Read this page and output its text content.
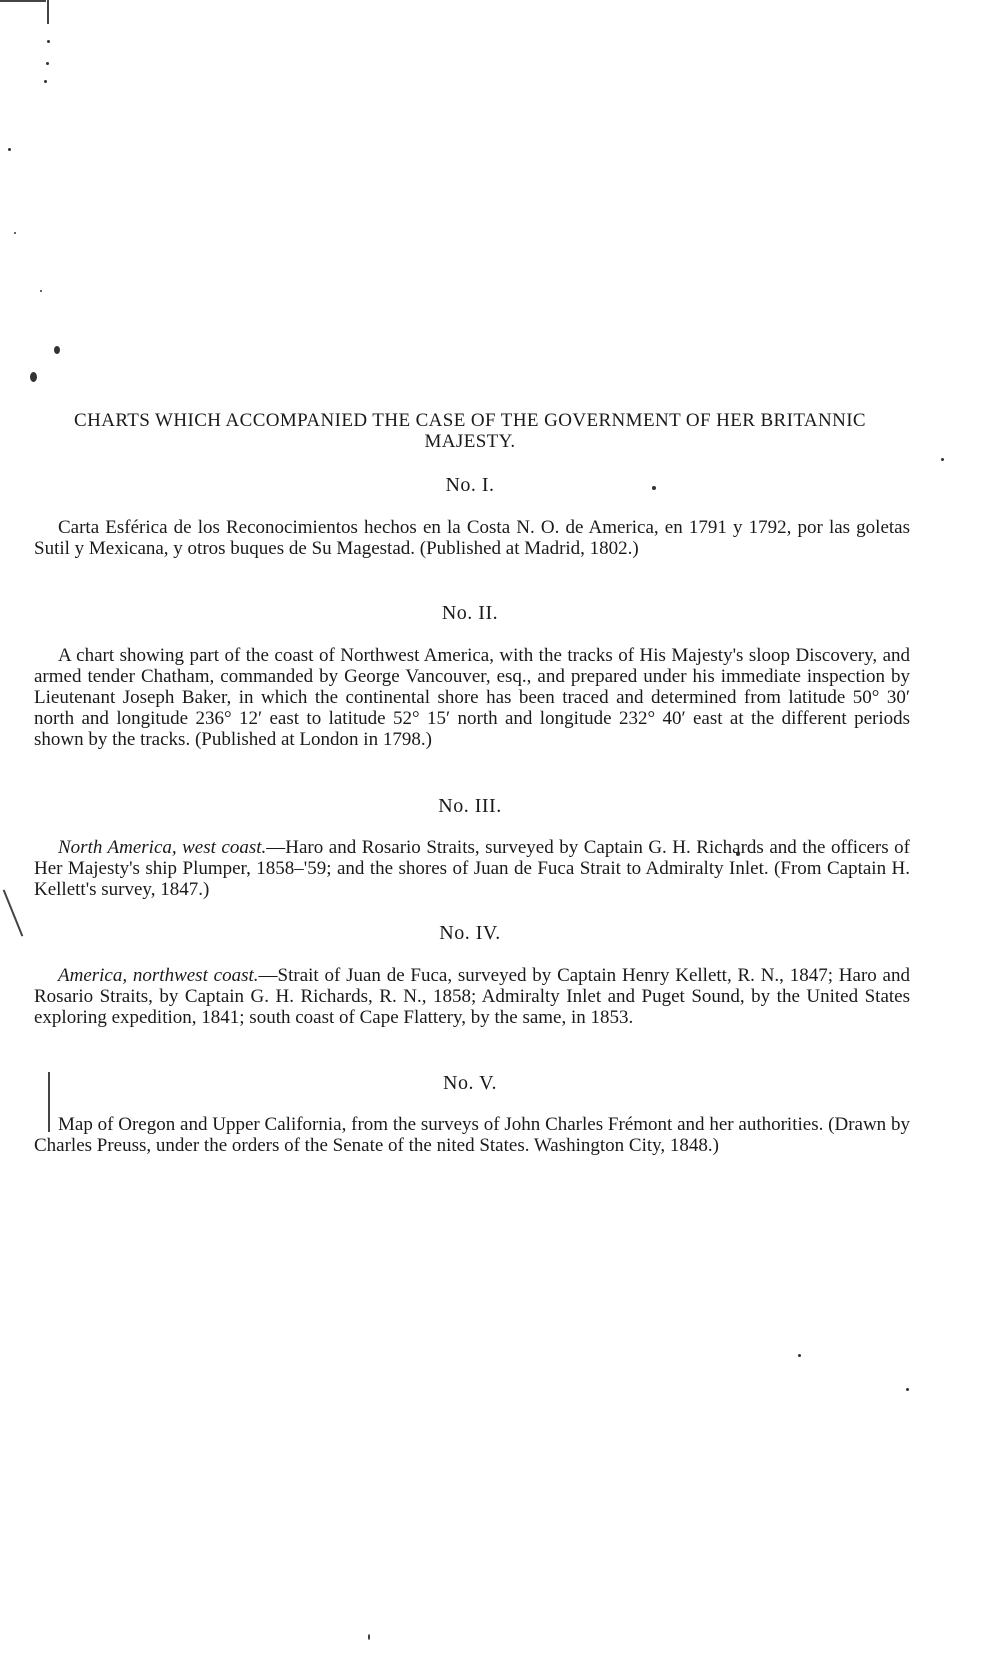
CHARTS WHICH ACCOMPANIED THE CASE OF THE GOVERNMENT OF HER BRITANNIC MAJESTY.
No. I.
Carta Esférica de los Reconocimientos hechos en la Costa N. O. de America, en 1791 y 1792, por las goletas Sutil y Mexicana, y otros buques de Su Magestad. (Published at Madrid, 1802.)
No. II.
A chart showing part of the coast of Northwest America, with the tracks of His Majesty's sloop Discovery, and armed tender Chatham, commanded by George Vancouver, esq., and prepared under his immediate inspection by Lieutenant Joseph Baker, in which the continental shore has been traced and determined from latitude 50° 30′ north and longitude 236° 12′ east to latitude 52° 15′ north and longitude 232° 40′ east at the different periods shown by the tracks. (Published at London in 1798.)
No. III.
North America, west coast.—Haro and Rosario Straits, surveyed by Captain G. H. Richards and the officers of Her Majesty's ship Plumper, 1858–'59; and the shores of Juan de Fuca Strait to Admiralty Inlet. (From Captain H. Kellett's survey, 1847.)
No. IV.
America, northwest coast.—Strait of Juan de Fuca, surveyed by Captain Henry Kellett, R. N., 1847; Haro and Rosario Straits, by Captain G. H. Richards, R. N., 1858; Admiralty Inlet and Puget Sound, by the United States exploring expedition, 1841; south coast of Cape Flattery, by the same, in 1853.
No. V.
Map of Oregon and Upper California, from the surveys of John Charles Frémont and her authorities. (Drawn by Charles Preuss, under the orders of the Senate of the nited States. Washington City, 1848.)
